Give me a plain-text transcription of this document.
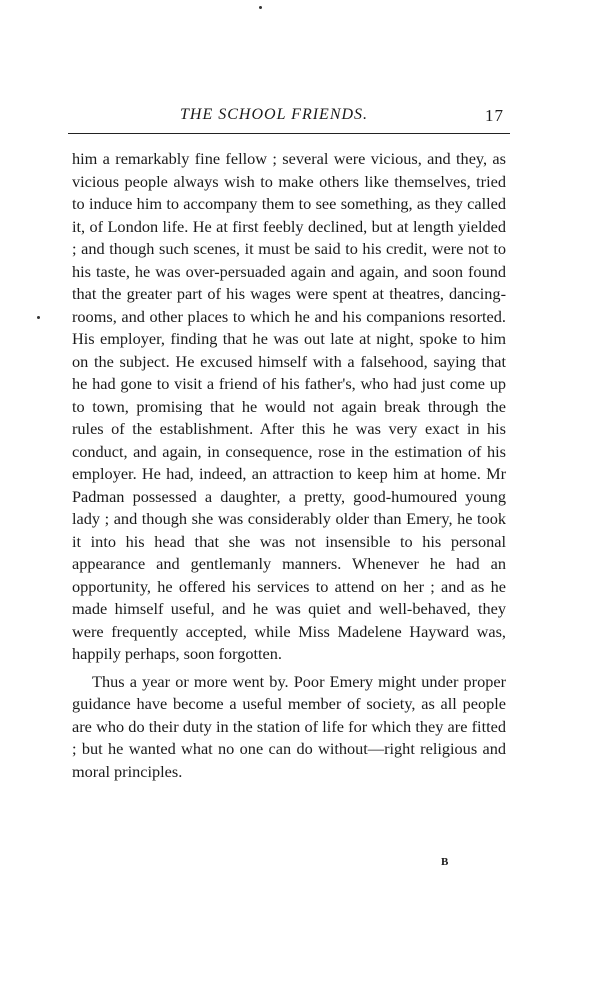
THE SCHOOL FRIENDS.	17

him a remarkably fine fellow ; several were vicious, and they, as vicious people always wish to make others like themselves, tried to induce him to accompany them to see something, as they called it, of London life. He at first feebly declined, but at length yielded ; and though such scenes, it must be said to his credit, were not to his taste, he was over-persuaded again and again, and soon found that the greater part of his wages were spent at theatres, dancing-rooms, and other places to which he and his companions resorted. His employer, finding that he was out late at night, spoke to him on the subject. He excused himself with a falsehood, saying that he had gone to visit a friend of his father's, who had just come up to town, promising that he would not again break through the rules of the establishment. After this he was very exact in his conduct, and again, in consequence, rose in the estimation of his employer. He had, indeed, an attraction to keep him at home. Mr Padman possessed a daughter, a pretty, good-humoured young lady ; and though she was considerably older than Emery, he took it into his head that she was not insensible to his personal appearance and gentlemanly manners. Whenever he had an opportunity, he offered his services to attend on her ; and as he made himself useful, and he was quiet and well-behaved, they were frequently accepted, while Miss Madelene Hayward was, happily perhaps, soon forgotten.

Thus a year or more went by. Poor Emery might under proper guidance have become a useful member of society, as all people are who do their duty in the station of life for which they are fitted ; but he wanted what no one can do without—right religious and moral principles.

B
